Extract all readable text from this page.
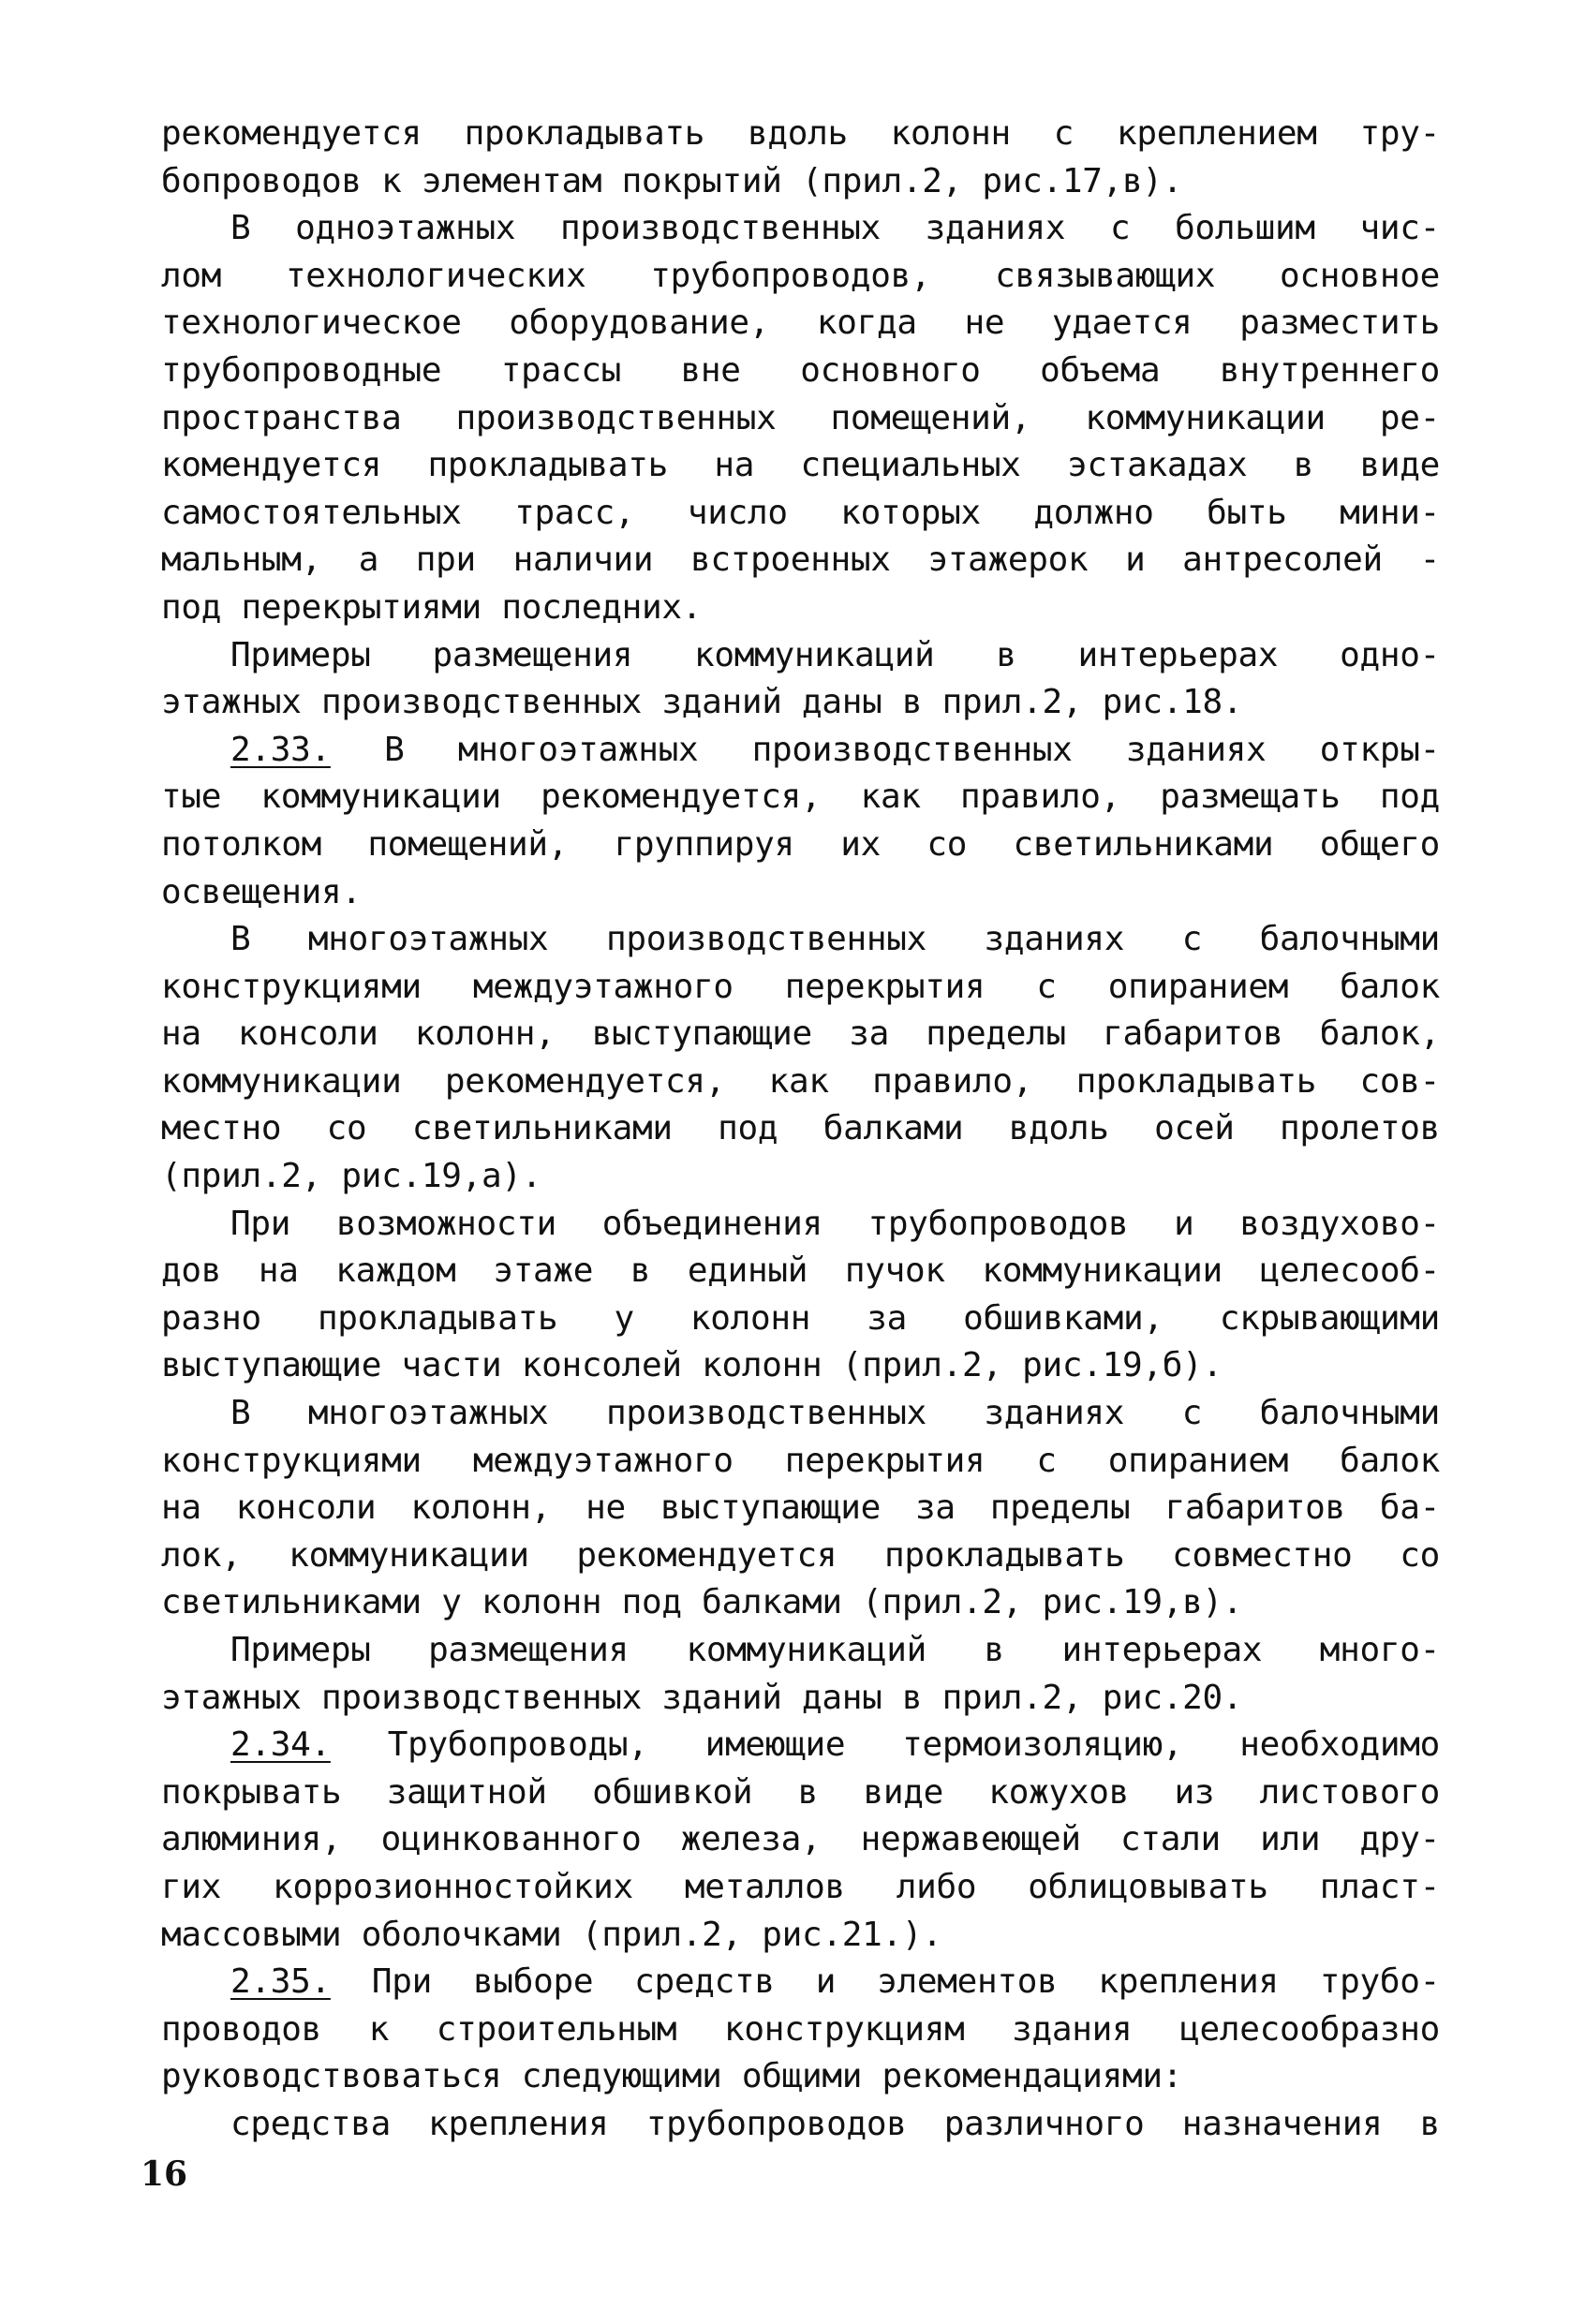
рекомендуется прокладывать вдоль колонн с креплением тру-
бопроводов к элементам покрытий (прил.2, рис.17,в).
В одноэтажных производственных зданиях с большим чис-
лом технологических трубопроводов, связывающих основное
технологическое оборудование, когда не удается разместить
трубопроводные трассы вне основного объема внутреннего
пространства производственных помещений, коммуникации ре-
комендуется прокладывать на специальных эстакадах в виде
самостоятельных трасс, число которых должно быть мини-
мальным, а при наличии встроенных этажерок и антресолей -
под перекрытиями последних.
Примеры размещения коммуникаций в интерьерах одно-
этажных производственных зданий даны в прил.2, рис.18.
2.33. В многоэтажных производственных зданиях откры-
тые коммуникации рекомендуется, как правило, размещать под
потолком помещений, группируя их со светильниками общего
освещения.
В многоэтажных производственных зданиях с балочными
конструкциями междуэтажного перекрытия с опиранием балок
на консоли колонн, выступающие за пределы габаритов балок,
коммуникации рекомендуется, как правило, прокладывать сов-
местно со светильниками под балками вдоль осей пролетов
(прил.2, рис.19,а).
При возможности объединения трубопроводов и воздухово-
дов на каждом этаже в единый пучок коммуникации целесооб-
разно прокладывать у колонн за обшивками, скрывающими
выступающие части консолей колонн (прил.2, рис.19,б).
В многоэтажных производственных зданиях с балочными
конструкциями междуэтажного перекрытия с опиранием балок
на консоли колонн, не выступающие за пределы габаритов ба-
лок, коммуникации рекомендуется прокладывать совместно со
светильниками у колонн под балками (прил.2, рис.19,в).
Примеры размещения коммуникаций в интерьерах много-
этажных производственных зданий даны в прил.2, рис.20.
2.34. Трубопроводы, имеющие термоизоляцию, необходимо
покрывать защитной обшивкой в виде кожухов из листового
алюминия, оцинкованного железа, нержавеющей стали или дру-
гих коррозионностойких металлов либо облицовывать пласт-
массовыми оболочками (прил.2, рис.21.).
2.35. При выборе средств и элементов крепления трубо-
проводов к строительным конструкциям здания целесообразно
руководствоваться следующими общими рекомендациями:
средства крепления трубопроводов различного назначения в
16
